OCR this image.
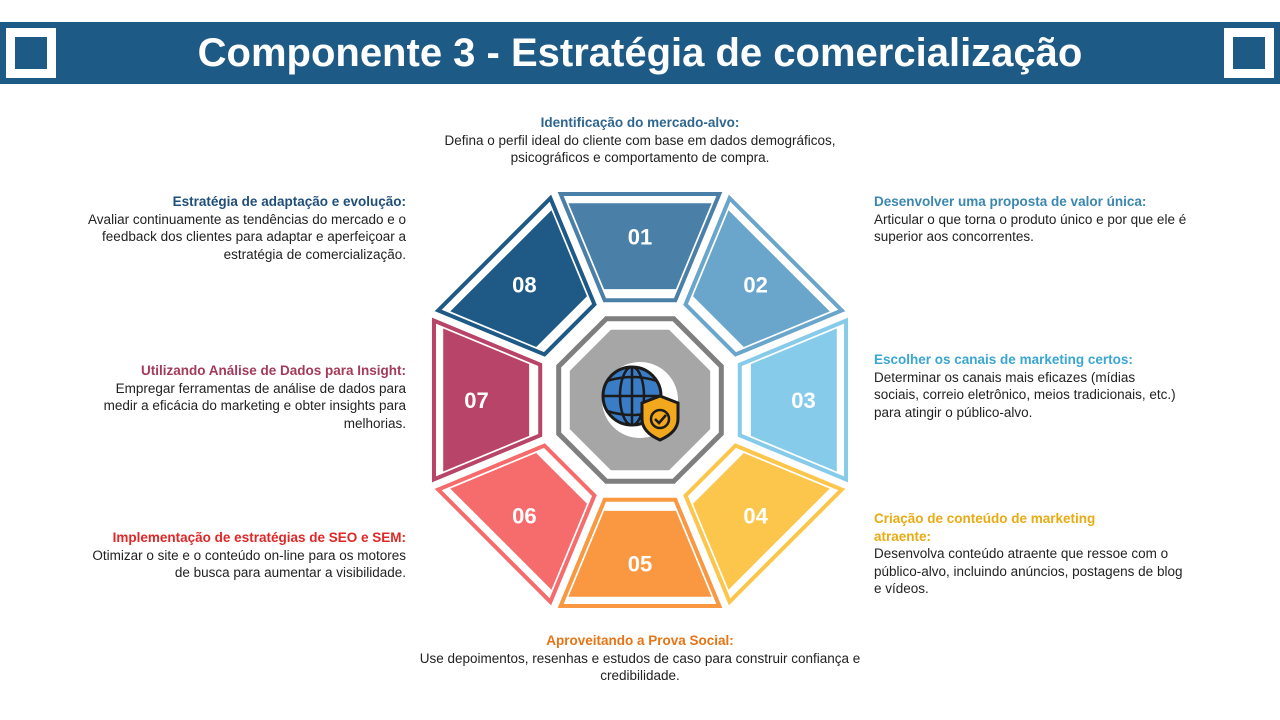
Componente 3 - Estratégia de comercialização
01
02
03
04
05
06
07
08
Identificação do mercado-alvo:
Defina o perfil ideal do cliente com base em dados demográficos, psicográficos e comportamento de compra.
Desenvolver uma proposta de valor única:
Articular o que torna o produto único e por que ele é superior aos concorrentes.
Escolher os canais de marketing certos:
Determinar os canais mais eficazes (mídias sociais, correio eletrônico, meios tradicionais, etc.) para atingir o público-alvo.
Criação de conteúdo de marketing atraente:
Desenvolva conteúdo atraente que ressoe com o público-alvo, incluindo anúncios, postagens de blog e vídeos.
Aproveitando a Prova Social:
Use depoimentos, resenhas e estudos de caso para construir confiança e credibilidade.
Implementação de estratégias de SEO e SEM:
Otimizar o site e o conteúdo on-line para os motores de busca para aumentar a visibilidade.
Utilizando Análise de Dados para Insight:
Empregar ferramentas de análise de dados para medir a eficácia do marketing e obter insights para melhorias.
Estratégia de adaptação e evolução:
Avaliar continuamente as tendências do mercado e o feedback dos clientes para adaptar e aperfeiçoar a estratégia de comercialização.
